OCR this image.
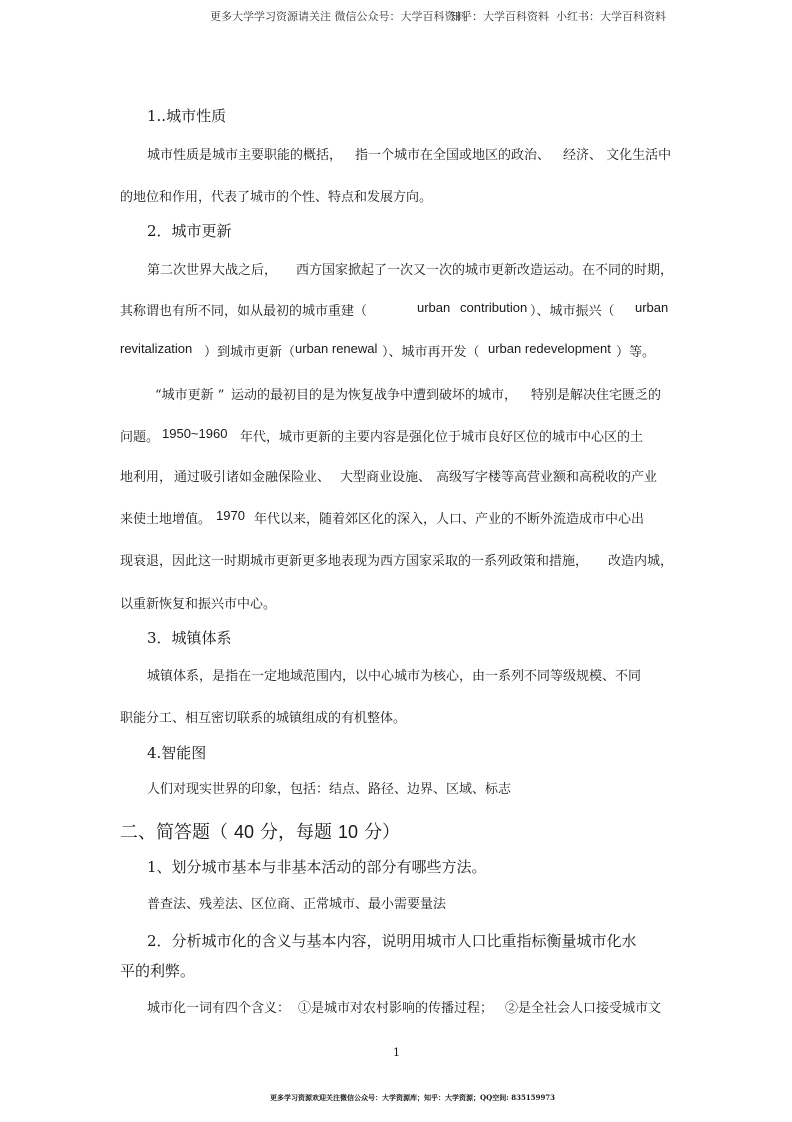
更多大学学习资源请关注 微信公众号：大学百科资料
知乎：大学百科资料 小红书：大学百科资料
1..城市性质
城市性质是城市主要职能的概括， 指一个城市在全国或地区的政治、 经济、 文化生活中
的地位和作用，代表了城市的个性、特点和发展方向。
2．城市更新
第二次世界大战之后， 西方国家掀起了一次又一次的城市更新改造运动。 在不同的时期，
其称谓也有所不同，如从最初的城市重建（	urban contribution ）、城市振兴（ urban
revitalization ）到城市更新（ urban renewal ）、城市再开发（ urban redevelopment ）等。
“城市更新 ” 运动的最初目的是为恢复战争中遭到破坏的城市， 特别是解决住宅匮乏的
问题。 1950~1960 年代，城市更新的主要内容是强化位于城市良好区位的城市中心区的土
地利用， 通过吸引诸如金融保险业、 大型商业设施、 高级写字楼等高营业额和高税收的产业
来使土地增值。 1970 年代以来，随着郊区化的深入，人口、产业的不断外流造成市中心出
现衰退，因此这一时期城市更新更多地表现为西方国家采取的一系列政策和措施， 改造内城，
以重新恢复和振兴市中心。
3．城镇体系
城镇体系，是指在一定地域范围内，以中心城市为核心，由一系列不同等级规模、不同
职能分工、相互密切联系的城镇组成的有机整体。
4.智能图
人们对现实世界的印象，包括：结点、路径、边界、区域、标志
二、简答题（ 40 分，每题 10 分）
1、划分城市基本与非基本活动的部分有哪些方法。
普查法、残差法、区位商、正常城市、最小需要量法
2．分析城市化的含义与基本内容，说明用城市人口比重指标衡量城市化水
平的利弊。
城市化一词有四个含义： ①是城市对农村影响的传播过程； ②是全社会人口接受城市文
1
更多学习资源欢迎关注微信公众号：大学资源库；知乎：大学资源；QQ空间: 835159973
